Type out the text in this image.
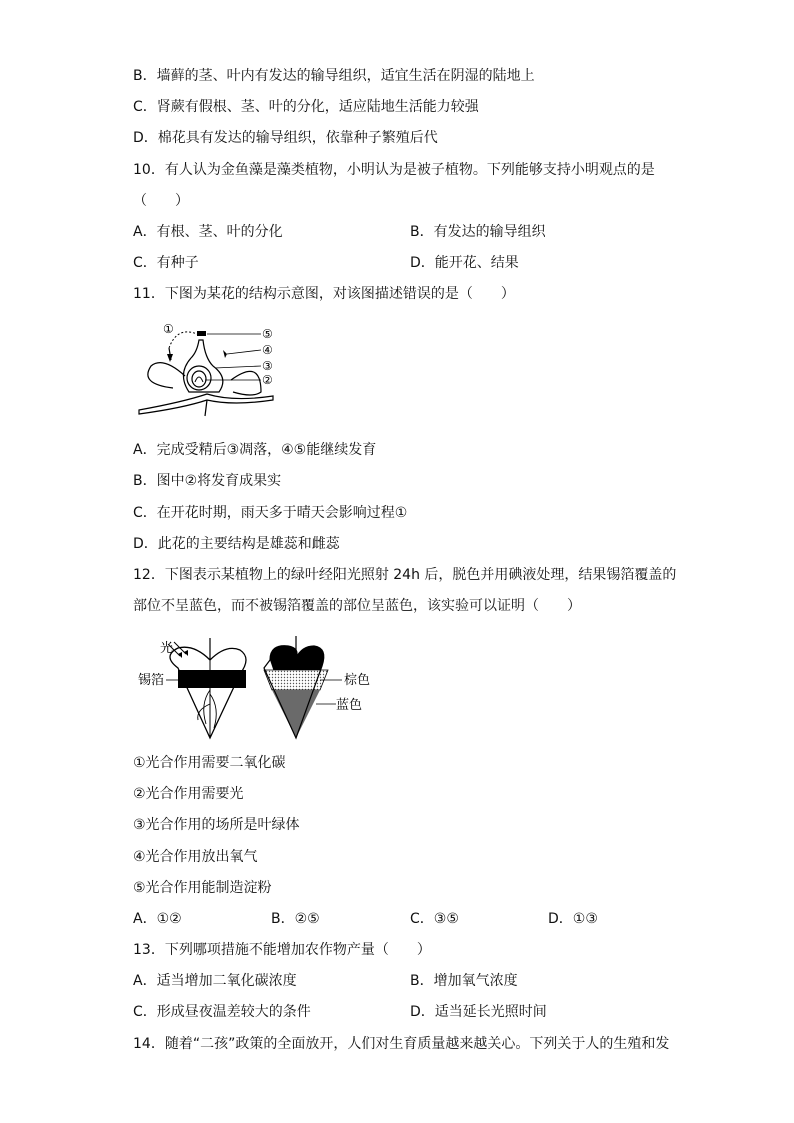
B．墙藓的茎、叶内有发达的输导组织，适宜生活在阴湿的陆地上
C．肾蕨有假根、茎、叶的分化，适应陆地生活能力较强
D．棉花具有发达的输导组织，依靠种子繁殖后代
10．有人认为金鱼藻是藻类植物，小明认为是被子植物。下列能够支持小明观点的是
（　　）
A．有根、茎、叶的分化	B．有发达的输导组织
C．有种子	D．能开花、结果
11．下图为某花的结构示意图，对该图描述错误的是（　　）
①	⑤
④
③
②
A．完成受精后③凋落，④⑤能继续发育
B．图中②将发育成果实
C．在开花时期，雨天多于晴天会影响过程①
D．此花的主要结构是雄蕊和雌蕊
12．下图表示某植物上的绿叶经阳光照射 24h 后，脱色并用碘液处理，结果锡箔覆盖的
部位不呈蓝色，而不被锡箔覆盖的部位呈蓝色，该实验可以证明（　　）
光
锡箔	棕色
蓝色
①光合作用需要二氧化碳
②光合作用需要光
③光合作用的场所是叶绿体
④光合作用放出氧气
⑤光合作用能制造淀粉
A．①②	B．②⑤	C．③⑤	D．①③
13．下列哪项措施不能增加农作物产量（　　）
A．适当增加二氧化碳浓度	B．增加氧气浓度
C．形成昼夜温差较大的条件	D．适当延长光照时间
14．随着“二孩”政策的全面放开，人们对生育质量越来越关心。下列关于人的生殖和发
